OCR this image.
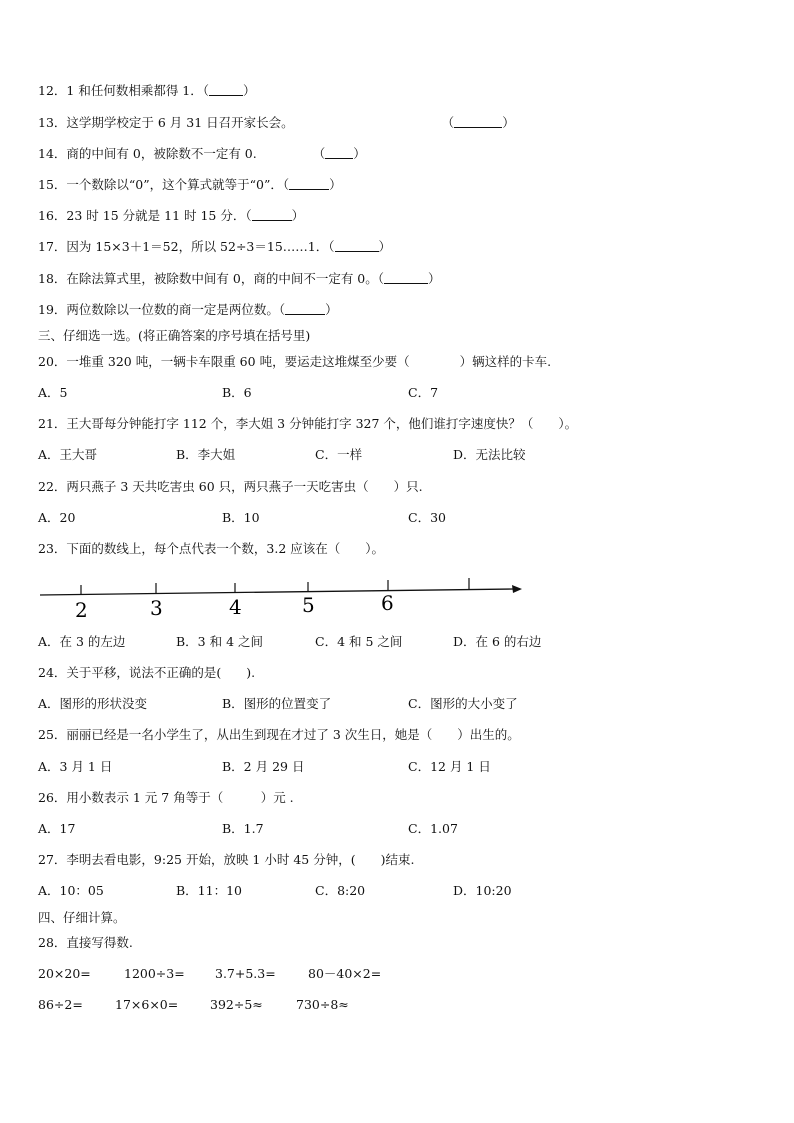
12．1 和任何数相乘都得 1．（	）
13．这学期学校定于 6 月 31 日召开家长会。	（	）
14．商的中间有 0，被除数不一定有 0.	（ ）
15．一个数除以“0”，这个算式就等于“0”．（	）
16．23 时 15 分就是 11 时 15 分．（	）
17．因为 15×3＋1＝52，所以 52÷3＝15……1．（	）
18．在除法算式里，被除数中间有 0，商的中间不一定有 0。（	）
19．两位数除以一位数的商一定是两位数。（	）
三、仔细选一选。(将正确答案的序号填在括号里)
20．一堆重 320 吨，一辆卡车限重 60 吨，要运走这堆煤至少要（　　　　）辆这样的卡车.
A．5	B．6	C．7
21．王大哥每分钟能打字 112 个，李大姐 3 分钟能打字 327 个，他们谁打字速度快？（　　）。
A．王大哥	B．李大姐	C．一样	D．无法比较
22．两只燕子 3 天共吃害虫 60 只，两只燕子一天吃害虫（　　）只.
A．20	B．10	C．30
23．下面的数线上，每个点代表一个数，3.2 应该在（　　）。
2	3	4	5	6
A．在 3 的左边	B．3 和 4 之间	C．4 和 5 之间	D．在 6 的右边
24．关于平移，说法不正确的是(　　).
A．图形的形状没变	B．图形的位置变了	C．图形的大小变了
25．丽丽已经是一名小学生了，从出生到现在才过了 3 次生日，她是（　　）出生的。
A．3 月 1 日	B．2 月 29 日	C．12 月 1 日
26．用小数表示 1 元 7 角等于（　　　）元 .
A．17	B．1.7	C．1.07
27．李明去看电影，9:25 开始，放映 1 小时 45 分钟，(　　)结束.
A．10：05	B．11：10	C．8:20	D．10:20
四、仔细计算。
28．直接写得数.
20×20=	1200÷3= 3.7+5.3=	80－40×2=
86÷2=	17×6×0=	392÷5≈	730÷8≈
